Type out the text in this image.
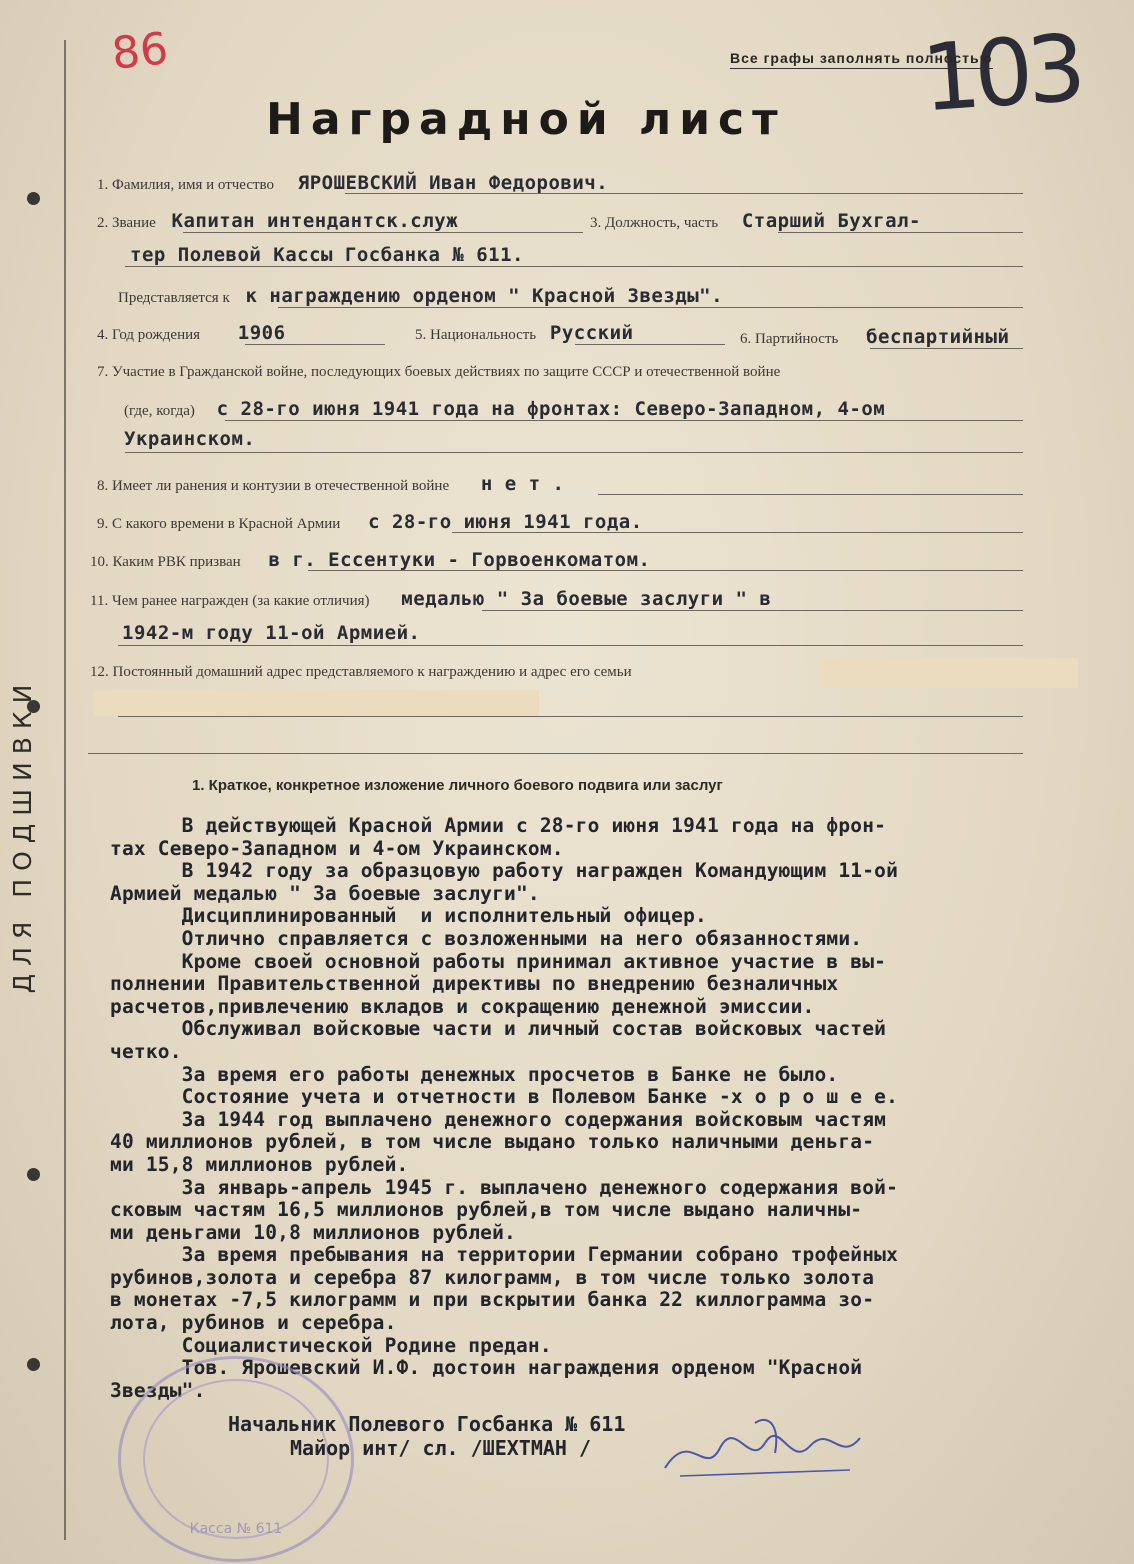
ДЛЯ ПОДШИВКИ
86	103
Все графы заполнять полностью
Наградной лист
1. Фамилия, имя и отчество ЯРОШЕВСКИЙ Иван Федорович.
2. Звание Капитан интендантск.служ	3. Должность, часть Старший Бухгал-
тер Полевой Кассы Госбанка № 611.
Представляется к к награждению орденом " Красной Звезды".
4. Год рождения 1906	5. Национальность Русский	6. Партийность беспартийный
7. Участие в Гражданской войне, последующих боевых действиях по защите СССР и отечественной войне
(где, когда) с 28-го июня 1941 года на фронтах: Северо-Западном, 4-ом
Украинском.
8. Имеет ли ранения и контузии в отечественной войне н е т .
9. С какого времени в Красной Армии с 28-го июня 1941 года.
10. Каким РВК призван в г. Ессентуки - Горвоенкоматом.
11. Чем ранее награжден (за какие отличия) медалью " За боевые заслуги " в
1942-м году 11-ой Армией.
12. Постоянный домашний адрес представляемого к награждению и адрес его семьи
1. Краткое, конкретное изложение личного боевого подвига или заслуг
В действующей Красной Армии с 28-го июня 1941 года на фрон-
тах Северо-Западном и 4-ом Украинском.
В 1942 году за образцовую работу награжден Командующим 11-ой
Армией медалью " За боевые заслуги".
Дисциплинированный  и исполнительный офицер.
Отлично справляется с возложенными на него обязанностями.
Кроме своей основной работы принимал активное участие в вы-
полнении Правительственной директивы по внедрению безналичных
расчетов,привлечению вкладов и сокращению денежной эмиссии.
Обслуживал войсковые части и личный состав войсковых частей
четко.
За время его работы денежных просчетов в Банке не было.
Состояние учета и отчетности в Полевом Банке -х о р о ш е е.
За 1944 год выплачено денежного содержания войсковым частям
40 миллионов рублей, в том числе выдано только наличными деньга-
ми 15,8 миллионов рублей.
За январь-апрель 1945 г. выплачено денежного содержания вой-
сковым частям 16,5 миллионов рублей,в том числе выдано наличны-
ми деньгами 10,8 миллионов рублей.
За время пребывания на территории Германии собрано трофейных
рубинов,золота и серебра 87 килограмм, в том числе только золота
в монетах -7,5 килограмм и при вскрытии банка 22 киллограмма зо-
лота, рубинов и серебра.
Социалистической Родине предан.
Тов. Ярошевский И.Ф. достоин награждения орденом "Красной
Звезды".
Касса № 611
Начальник Полевого Госбанка № 611
Майор инт/ сл. /ШЕХТМАН /
